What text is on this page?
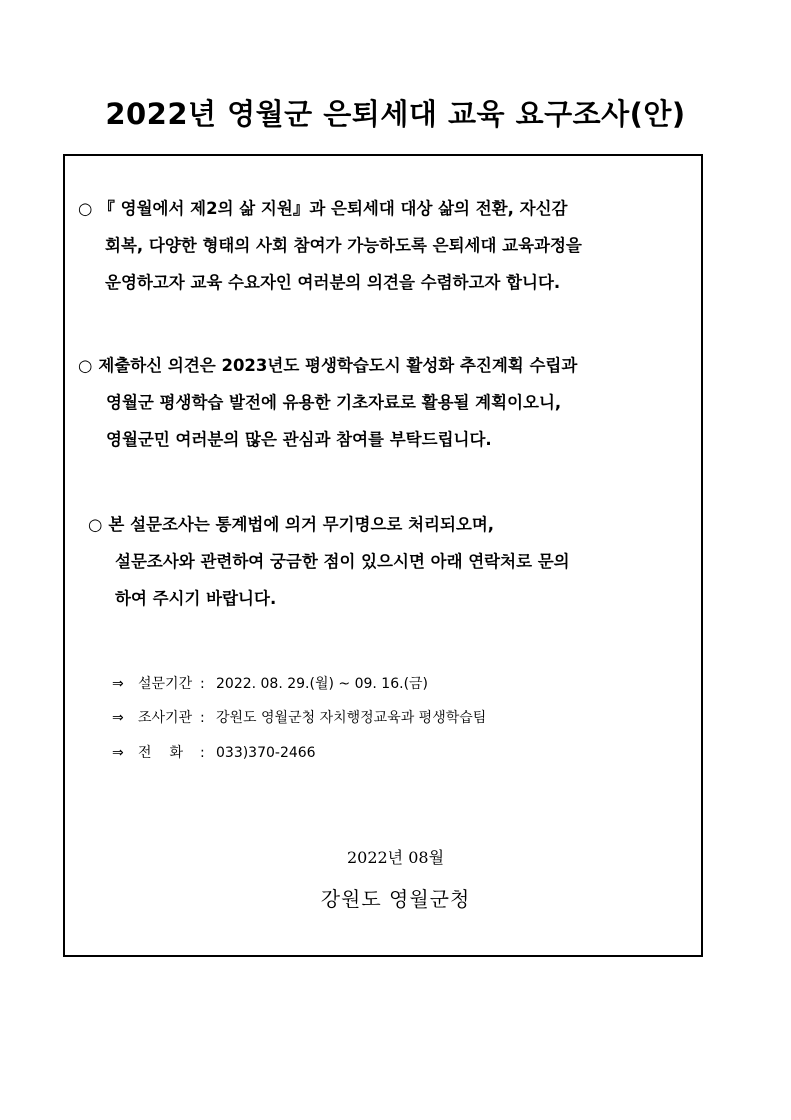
2022년 영월군 은퇴세대 교육 요구조사(안)
○ 『 영월에서 제2의 삶 지원』과 은퇴세대 대상 삶의 전환, 자신감
회복, 다양한 형태의 사회 참여가 가능하도록 은퇴세대 교육과정을
운영하고자 교육 수요자인 여러분의 의견을 수렴하고자 합니다.
○ 제출하신 의견은 2023년도 평생학습도시 활성화 추진계획 수립과
영월군 평생학습 발전에 유용한 기초자료로 활용될 계획이오니,
영월군민 여러분의 많은 관심과 참여를 부탁드립니다.
○ 본 설문조사는 통계법에 의거 무기명으로 처리되오며,
설문조사와 관련하여 궁금한 점이 있으시면 아래 연락처로 문의
하여 주시기 바랍니다.
⇒ 설문기간 : 2022. 08. 29.(월) ~ 09. 16.(금)
⇒ 조사기관 : 강원도 영월군청 자치행정교육과 평생학습팀
⇒ 전화: 033)370-2466
2022년 08월
강원도 영월군청
